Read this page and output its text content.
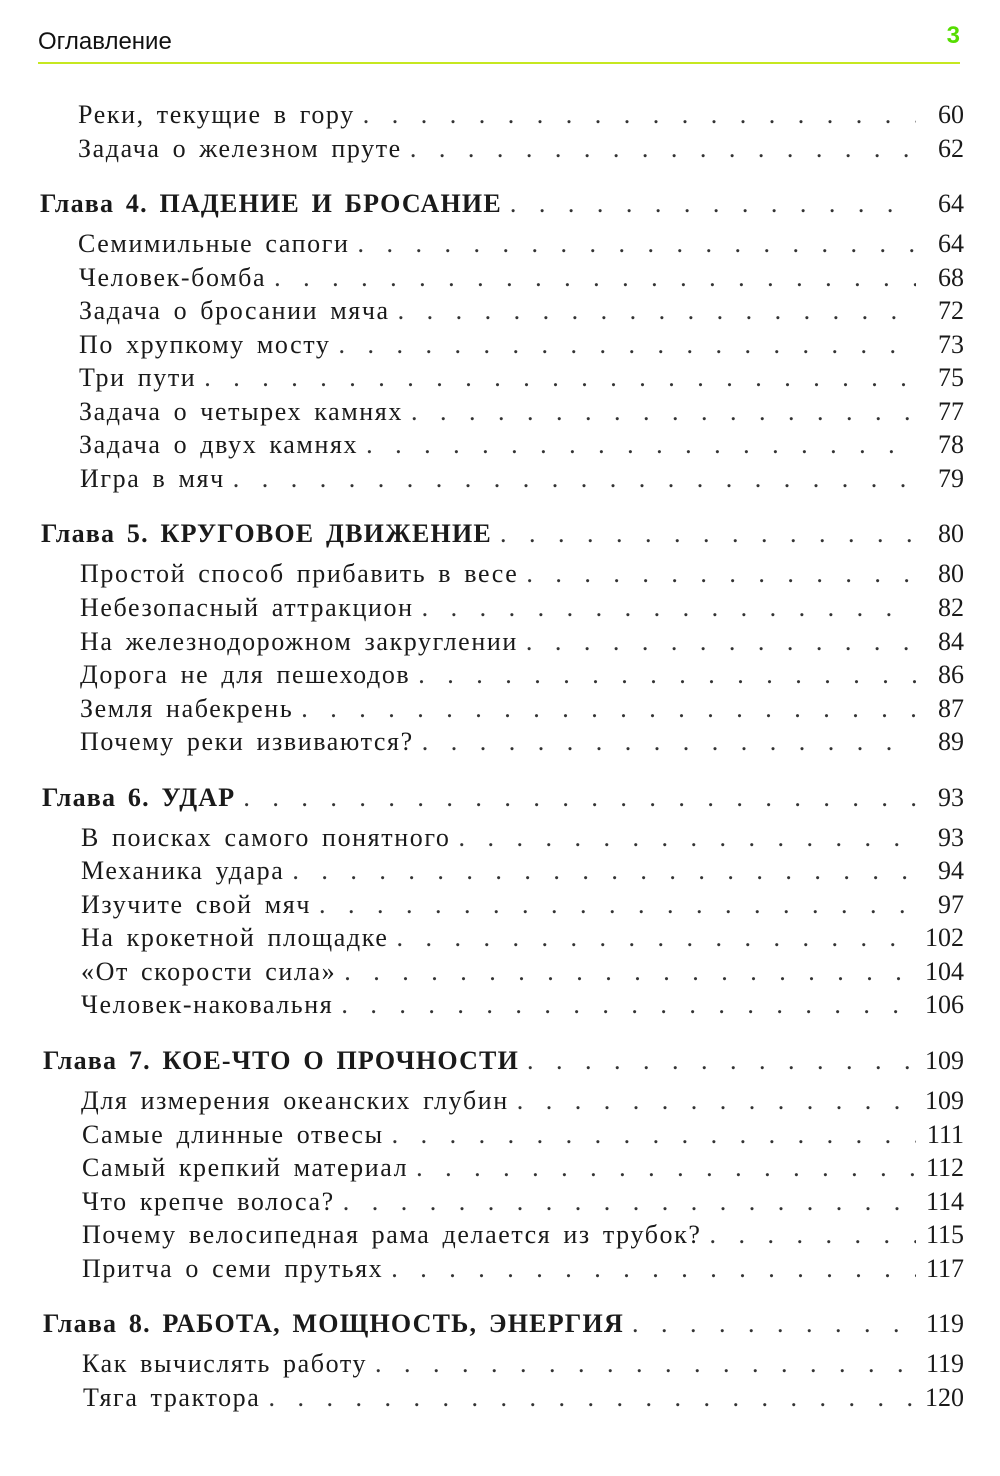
Оглавление	3
Реки, текущие в гору . . .	60
Задача о железном пруте . . .	62
Глава 4. ПАДЕНИЕ И БРОСАНИЕ . . .	64
Семимильные сапоги . . .	64
Человек-бомба . . .	68
Задача о бросании мяча . . .	72
По хрупкому мосту . . .	73
Три пути . . .	75
Задача о четырех камнях . . .	77
Задача о двух камнях . . .	78
Игра в мяч . . .	79
Глава 5. КРУГОВОЕ ДВИЖЕНИЕ . . .	80
Простой способ прибавить в весе . . .	80
Небезопасный аттракцион . . .	82
На железнодорожном закруглении . . .	84
Дорога не для пешеходов . . .	86
Земля набекрень . . .	87
Почему реки извиваются? . . .	89
Глава 6. УДАР . . .	93
В поисках самого понятного . . .	93
Механика удара . . .	94
Изучите свой мяч . . .	97
На крокетной площадке . . .	102
«От скорости сила» . . .	104
Человек-наковальня . . .	106
Глава 7. КОЕ-ЧТО О ПРОЧНОСТИ . . .	109
Для измерения океанских глубин . . .	109
Самые длинные отвесы . . .	111
Самый крепкий материал . . .	112
Что крепче волоса? . . .	114
Почему велосипедная рама делается из трубок? . . .	115
Притча о семи прутьях . . .	117
Глава 8. РАБОТА, МОЩНОСТЬ, ЭНЕРГИЯ . . .	119
Как вычислять работу . . .	119
Тяга трактора . . .	120
